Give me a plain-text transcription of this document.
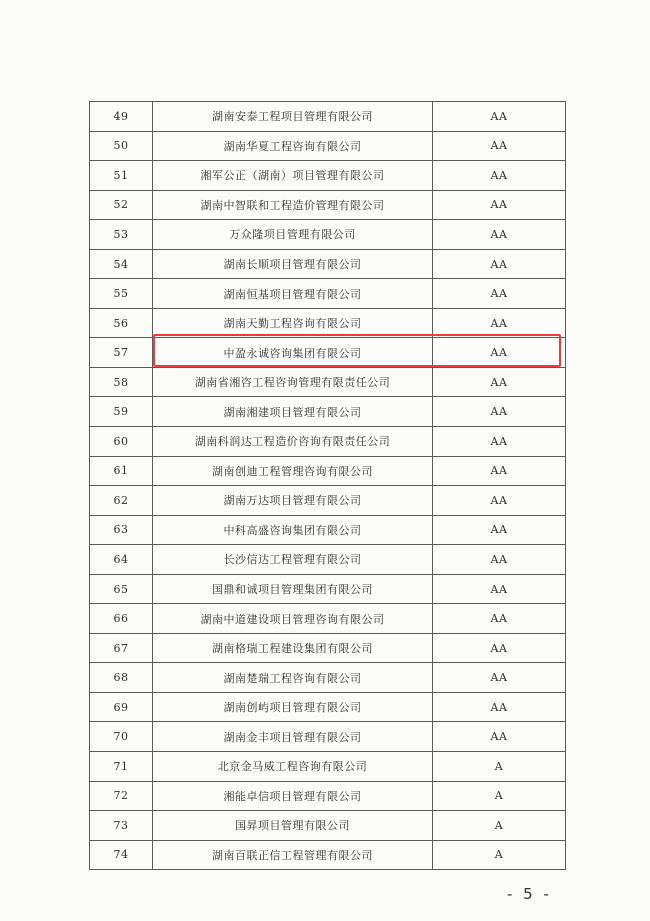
49	湖南安泰工程项目管理有限公司	AA
50	湖南华夏工程咨询有限公司	AA
51	湘军公正（湖南）项目管理有限公司	AA
52	湖南中智联和工程造价管理有限公司	AA
53	万众隆项目管理有限公司	AA
54	湖南长顺项目管理有限公司	AA
55	湖南恒基项目管理有限公司	AA
56	湖南天勤工程咨询有限公司	AA
57	中盈永诚咨询集团有限公司	AA
58	湖南省湘咨工程咨询管理有限责任公司	AA
59	湖南湘建项目管理有限公司	AA
60	湖南科润达工程造价咨询有限责任公司	AA
61	湖南创迪工程管理咨询有限公司	AA
62	湖南万达项目管理有限公司	AA
63	中科高盛咨询集团有限公司	AA
64	长沙信达工程管理有限公司	AA
65	国鼎和诚项目管理集团有限公司	AA
66	湖南中道建设项目管理咨询有限公司	AA
67	湖南格瑞工程建设集团有限公司	AA
68	湖南楚瑞工程咨询有限公司	AA
69	湖南创屿项目管理有限公司	AA
70	湖南金丰项目管理有限公司	AA
71	北京金马威工程咨询有限公司	A
72	湘能卓信项目管理有限公司	A
73	国昇项目管理有限公司	A
74	湖南百联正信工程管理有限公司	A
- 5 -
